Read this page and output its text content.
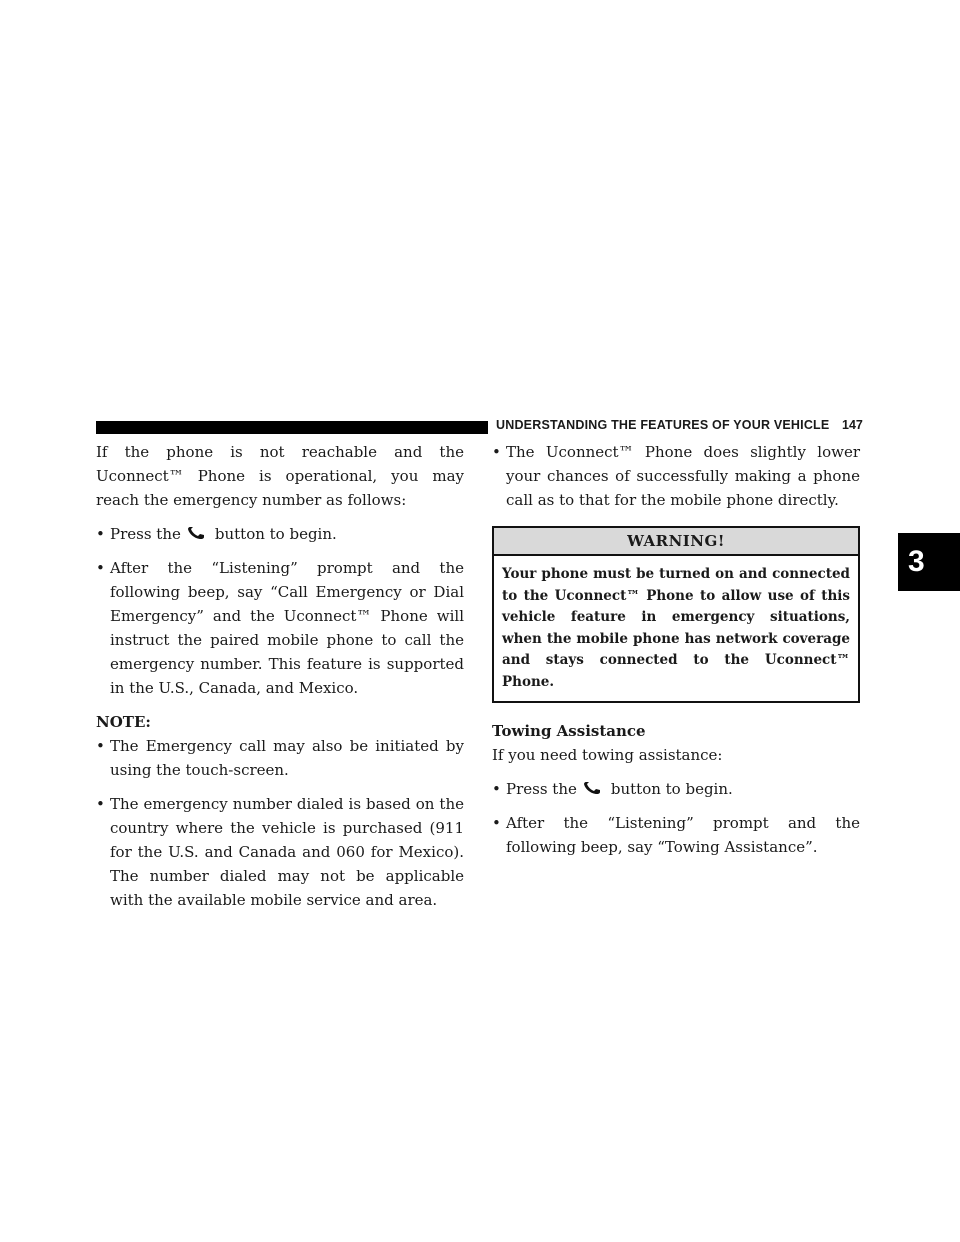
UNDERSTANDING THE FEATURES OF YOUR VEHICLE 147
3

If the phone is not reachable and the Uconnect™ Phone is operational, you may reach the emergency number as follows:

• Press the button to begin.
• After the “Listening” prompt and the following beep, say “Call Emergency or Dial Emergency” and the Uconnect™ Phone will instruct the paired mobile phone to call the emergency number. This feature is supported in the U.S., Canada, and Mexico.

NOTE:

• The Emergency call may also be initiated by using the touch-screen.
• The emergency number dialed is based on the country where the vehicle is purchased (911 for the U.S. and Canada and 060 for Mexico). The number dialed may not be applicable with the available mobile service and area.
• The Uconnect™ Phone does slightly lower your chances of successfully making a phone call as to that for the mobile phone directly.
WARNING!
Your phone must be turned on and connected to the Uconnect™ Phone to allow use of this vehicle feature in emergency situations, when the mobile phone has network coverage and stays connected to the Uconnect™ Phone.

Towing Assistance

If you need towing assistance:

• Press the button to begin.
• After the “Listening” prompt and the following beep, say “Towing Assistance”.
